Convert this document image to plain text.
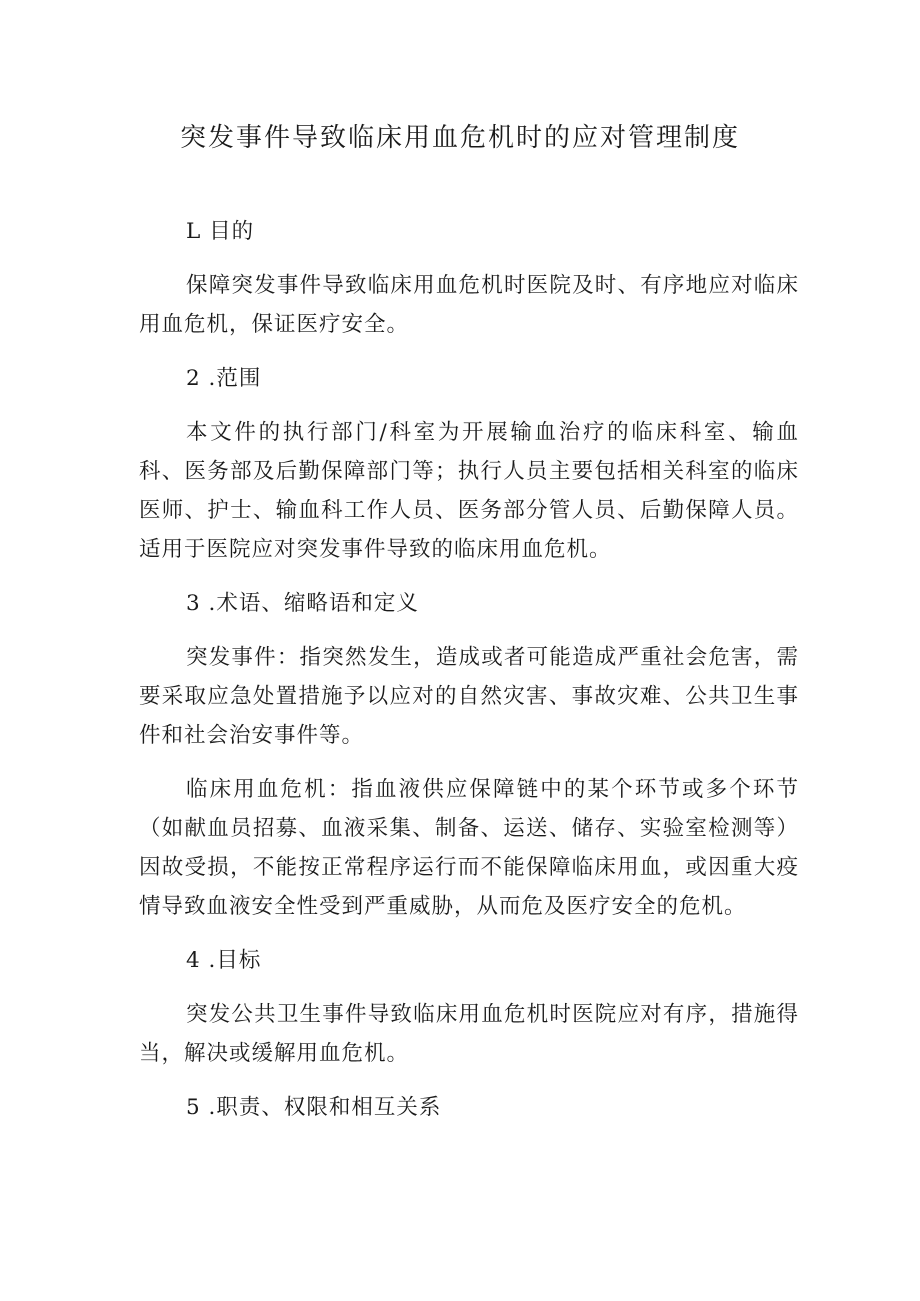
突发事件导致临床用血危机时的应对管理制度
L 目的
保障突发事件导致临床用血危机时医院及时、有序地应对临床用血危机，保证医疗安全。
2 .范围
本文件的执行部门/科室为开展输血治疗的临床科室、输血科、医务部及后勤保障部门等；执行人员主要包括相关科室的临床医师、护士、输血科工作人员、医务部分管人员、后勤保障人员。适用于医院应对突发事件导致的临床用血危机。
3 .术语、缩略语和定义
突发事件：指突然发生，造成或者可能造成严重社会危害，需要采取应急处置措施予以应对的自然灾害、事故灾难、公共卫生事件和社会治安事件等。
临床用血危机：指血液供应保障链中的某个环节或多个环节（如献血员招募、血液采集、制备、运送、储存、实验室检测等）因故受损，不能按正常程序运行而不能保障临床用血，或因重大疫情导致血液安全性受到严重威胁，从而危及医疗安全的危机。
4 .目标
突发公共卫生事件导致临床用血危机时医院应对有序，措施得当，解决或缓解用血危机。
5 .职责、权限和相互关系
